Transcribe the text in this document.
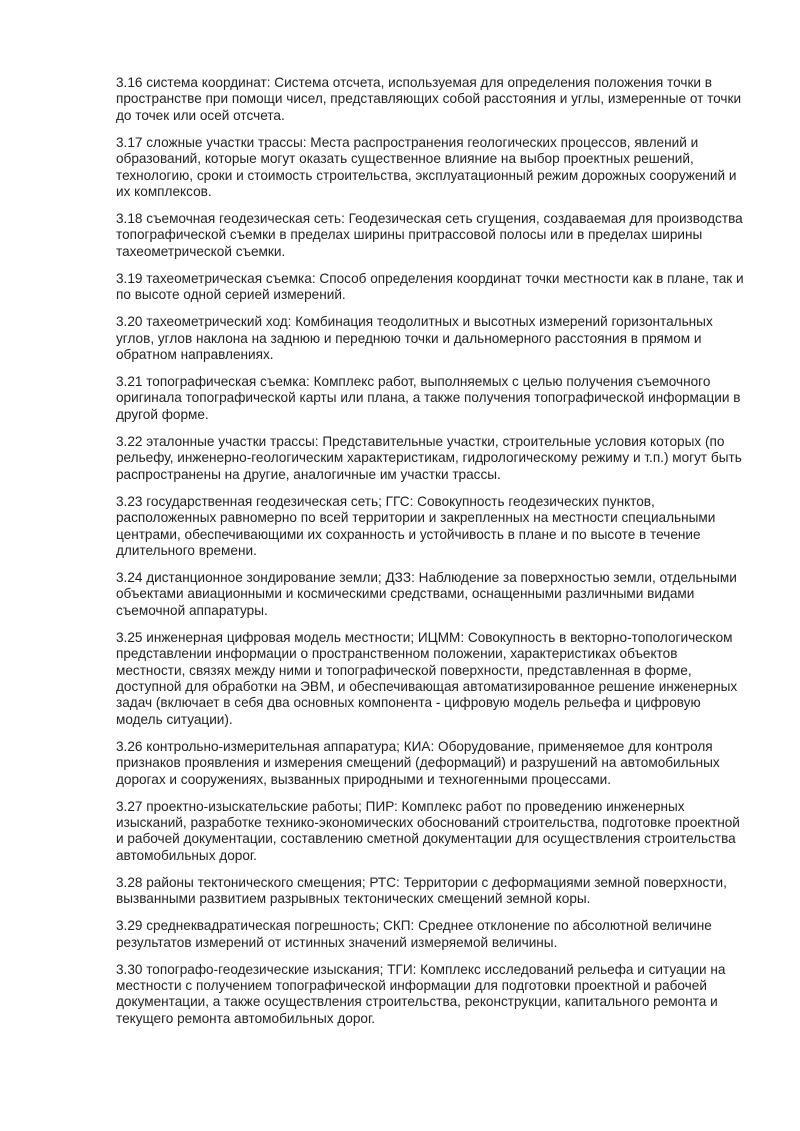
3.16 система координат: Система отсчета, используемая для определения положения точки в пространстве при помощи чисел, представляющих собой расстояния и углы, измеренные от точки до точек или осей отсчета.

3.17 сложные участки трассы: Места распространения геологических процессов, явлений и образований, которые могут оказать существенное влияние на выбор проектных решений, технологию, сроки и стоимость строительства, эксплуатационный режим дорожных сооружений и их комплексов.

3.18 съемочная геодезическая сеть: Геодезическая сеть сгущения, создаваемая для производства топографической съемки в пределах ширины притрассовой полосы или в пределах ширины тахеометрической съемки.

3.19 тахеометрическая съемка: Способ определения координат точки местности как в плане, так и по высоте одной серией измерений.

3.20 тахеометрический ход: Комбинация теодолитных и высотных измерений горизонтальных углов, углов наклона на заднюю и переднюю точки и дальномерного расстояния в прямом и обратном направлениях.

3.21 топографическая съемка: Комплекс работ, выполняемых с целью получения съемочного оригинала топографической карты или плана, а также получения топографической информации в другой форме.

3.22 эталонные участки трассы: Представительные участки, строительные условия которых (по рельефу, инженерно-геологическим характеристикам, гидрологическому режиму и т.п.) могут быть распространены на другие, аналогичные им участки трассы.

3.23 государственная геодезическая сеть; ГГС: Совокупность геодезических пунктов, расположенных равномерно по всей территории и закрепленных на местности специальными центрами, обеспечивающими их сохранность и устойчивость в плане и по высоте в течение длительного времени.

3.24 дистанционное зондирование земли; ДЗЗ: Наблюдение за поверхностью земли, отдельными объектами авиационными и космическими средствами, оснащенными различными видами съемочной аппаратуры.

3.25 инженерная цифровая модель местности; ИЦММ: Совокупность в векторно-топологическом представлении информации о пространственном положении, характеристиках объектов местности, связях между ними и топографической поверхности, представленная в форме, доступной для обработки на ЭВМ, и обеспечивающая автоматизированное решение инженерных задач (включает в себя два основных компонента - цифровую модель рельефа и цифровую модель ситуации).

3.26 контрольно-измерительная аппаратура; КИА: Оборудование, применяемое для контроля признаков проявления и измерения смещений (деформаций) и разрушений на автомобильных дорогах и сооружениях, вызванных природными и техногенными процессами.

3.27 проектно-изыскательские работы; ПИР: Комплекс работ по проведению инженерных изысканий, разработке технико-экономических обоснований строительства, подготовке проектной и рабочей документации, составлению сметной документации для осуществления строительства автомобильных дорог.

3.28 районы тектонического смещения; РТС: Территории с деформациями земной поверхности, вызванными развитием разрывных тектонических смещений земной коры.

3.29 среднеквадратическая погрешность; СКП: Среднее отклонение по абсолютной величине результатов измерений от истинных значений измеряемой величины.

3.30 топографо-геодезические изыскания; ТГИ: Комплекс исследований рельефа и ситуации на местности с получением топографической информации для подготовки проектной и рабочей документации, а также осуществления строительства, реконструкции, капитального ремонта и текущего ремонта автомобильных дорог.
